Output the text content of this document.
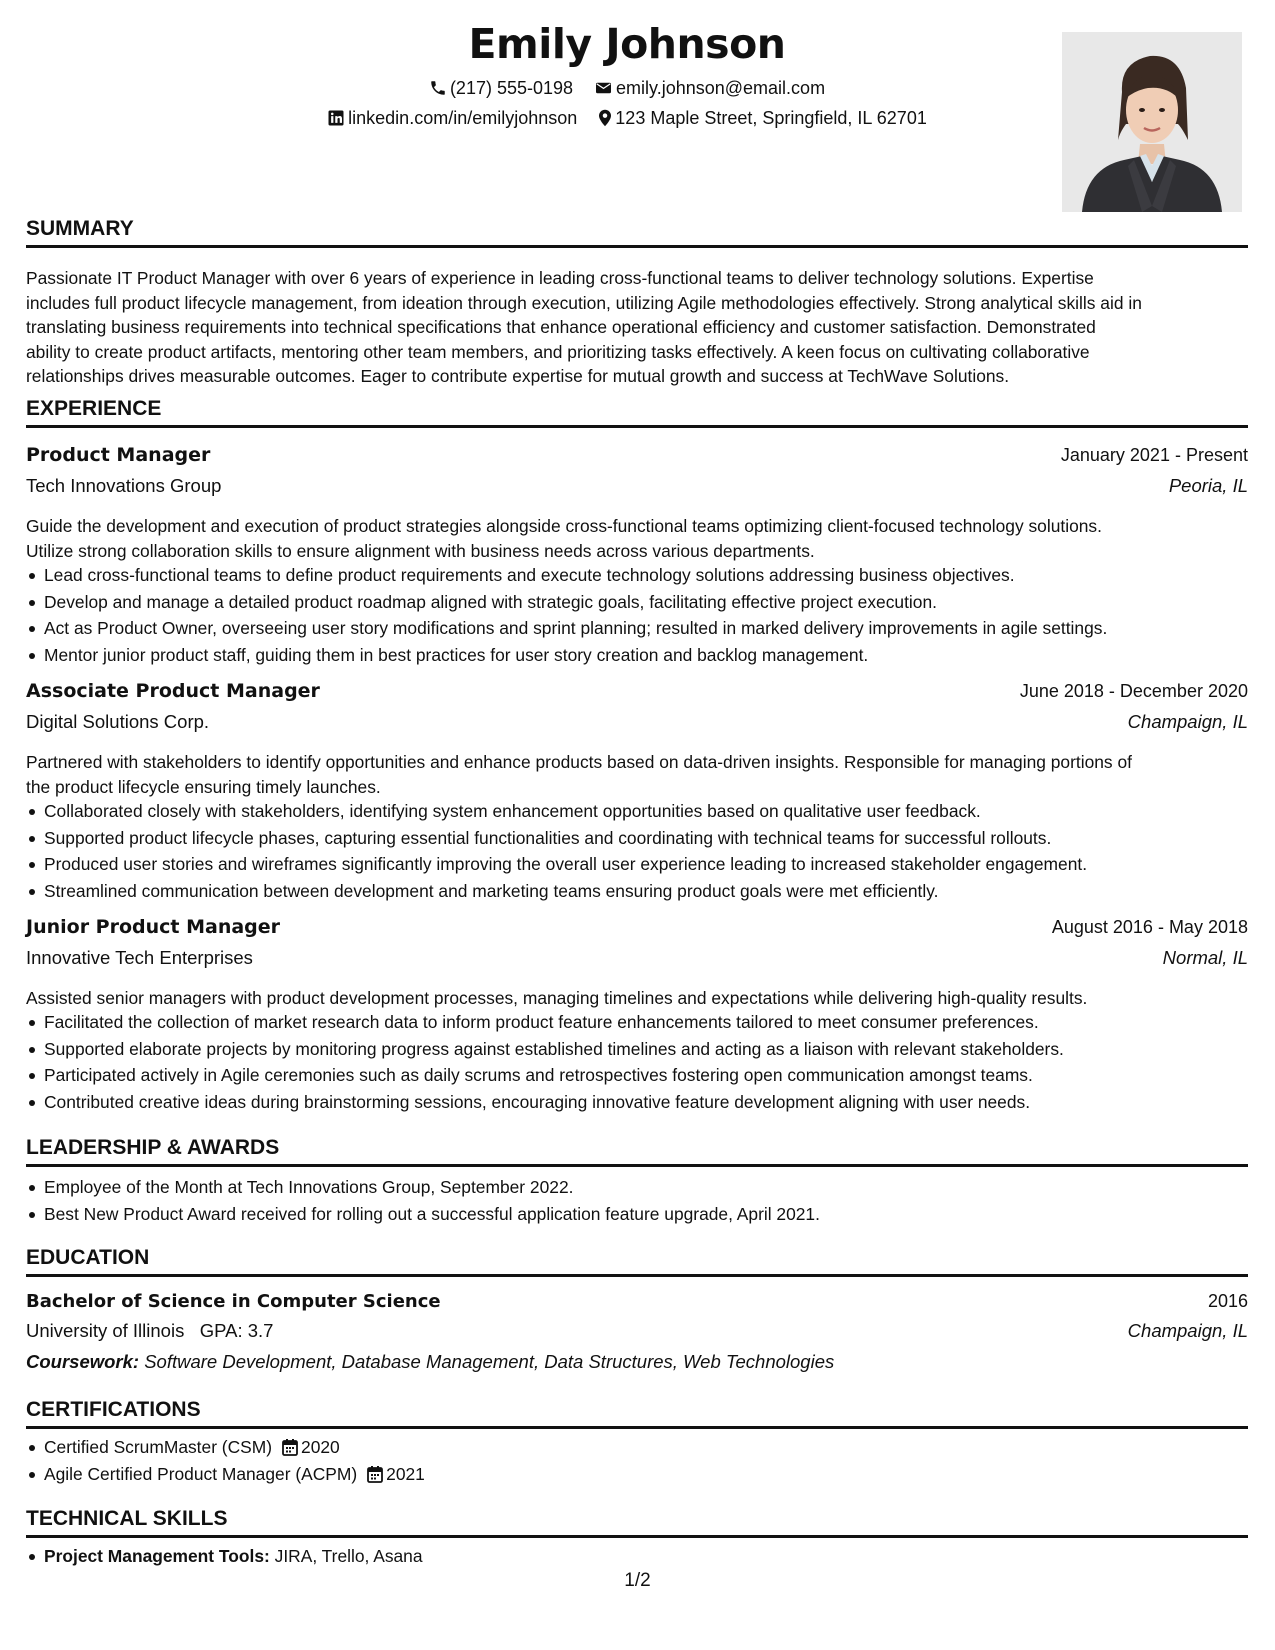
Emily Johnson
(217) 555-0198 emily.johnson@email.com
linkedin.com/in/emilyjohnson 123 Maple Street, Springfield, IL 62701
SUMMARY
Passionate IT Product Manager with over 6 years of experience in leading cross-functional teams to deliver technology solutions. Expertise
includes full product lifecycle management, from ideation through execution, utilizing Agile methodologies effectively. Strong analytical skills aid in
translating business requirements into technical specifications that enhance operational efficiency and customer satisfaction. Demonstrated
ability to create product artifacts, mentoring other team members, and prioritizing tasks effectively. A keen focus on cultivating collaborative
relationships drives measurable outcomes. Eager to contribute expertise for mutual growth and success at TechWave Solutions.
EXPERIENCE
Product Manager	January 2021 - Present
Tech Innovations Group	Peoria, IL
Guide the development and execution of product strategies alongside cross-functional teams optimizing client-focused technology solutions.
Utilize strong collaboration skills to ensure alignment with business needs across various departments.
Lead cross-functional teams to define product requirements and execute technology solutions addressing business objectives.
Develop and manage a detailed product roadmap aligned with strategic goals, facilitating effective project execution.
Act as Product Owner, overseeing user story modifications and sprint planning; resulted in marked delivery improvements in agile settings.
Mentor junior product staff, guiding them in best practices for user story creation and backlog management.
Associate Product Manager	June 2018 - December 2020
Digital Solutions Corp.	Champaign, IL
Partnered with stakeholders to identify opportunities and enhance products based on data-driven insights. Responsible for managing portions of
the product lifecycle ensuring timely launches.
Collaborated closely with stakeholders, identifying system enhancement opportunities based on qualitative user feedback.
Supported product lifecycle phases, capturing essential functionalities and coordinating with technical teams for successful rollouts.
Produced user stories and wireframes significantly improving the overall user experience leading to increased stakeholder engagement.
Streamlined communication between development and marketing teams ensuring product goals were met efficiently.
Junior Product Manager	August 2016 - May 2018
Innovative Tech Enterprises	Normal, IL
Assisted senior managers with product development processes, managing timelines and expectations while delivering high-quality results.
Facilitated the collection of market research data to inform product feature enhancements tailored to meet consumer preferences.
Supported elaborate projects by monitoring progress against established timelines and acting as a liaison with relevant stakeholders.
Participated actively in Agile ceremonies such as daily scrums and retrospectives fostering open communication amongst teams.
Contributed creative ideas during brainstorming sessions, encouraging innovative feature development aligning with user needs.
LEADERSHIP & AWARDS
Employee of the Month at Tech Innovations Group, September 2022.
Best New Product Award received for rolling out a successful application feature upgrade, April 2021.
EDUCATION
Bachelor of Science in Computer Science	2016
University of Illinois GPA: 3.7	Champaign, IL
Coursework: Software Development, Database Management, Data Structures, Web Technologies
CERTIFICATIONS
Certified ScrumMaster (CSM) 2020
Agile Certified Product Manager (ACPM) 2021
TECHNICAL SKILLS
Project Management Tools: JIRA, Trello, Asana
1/2
